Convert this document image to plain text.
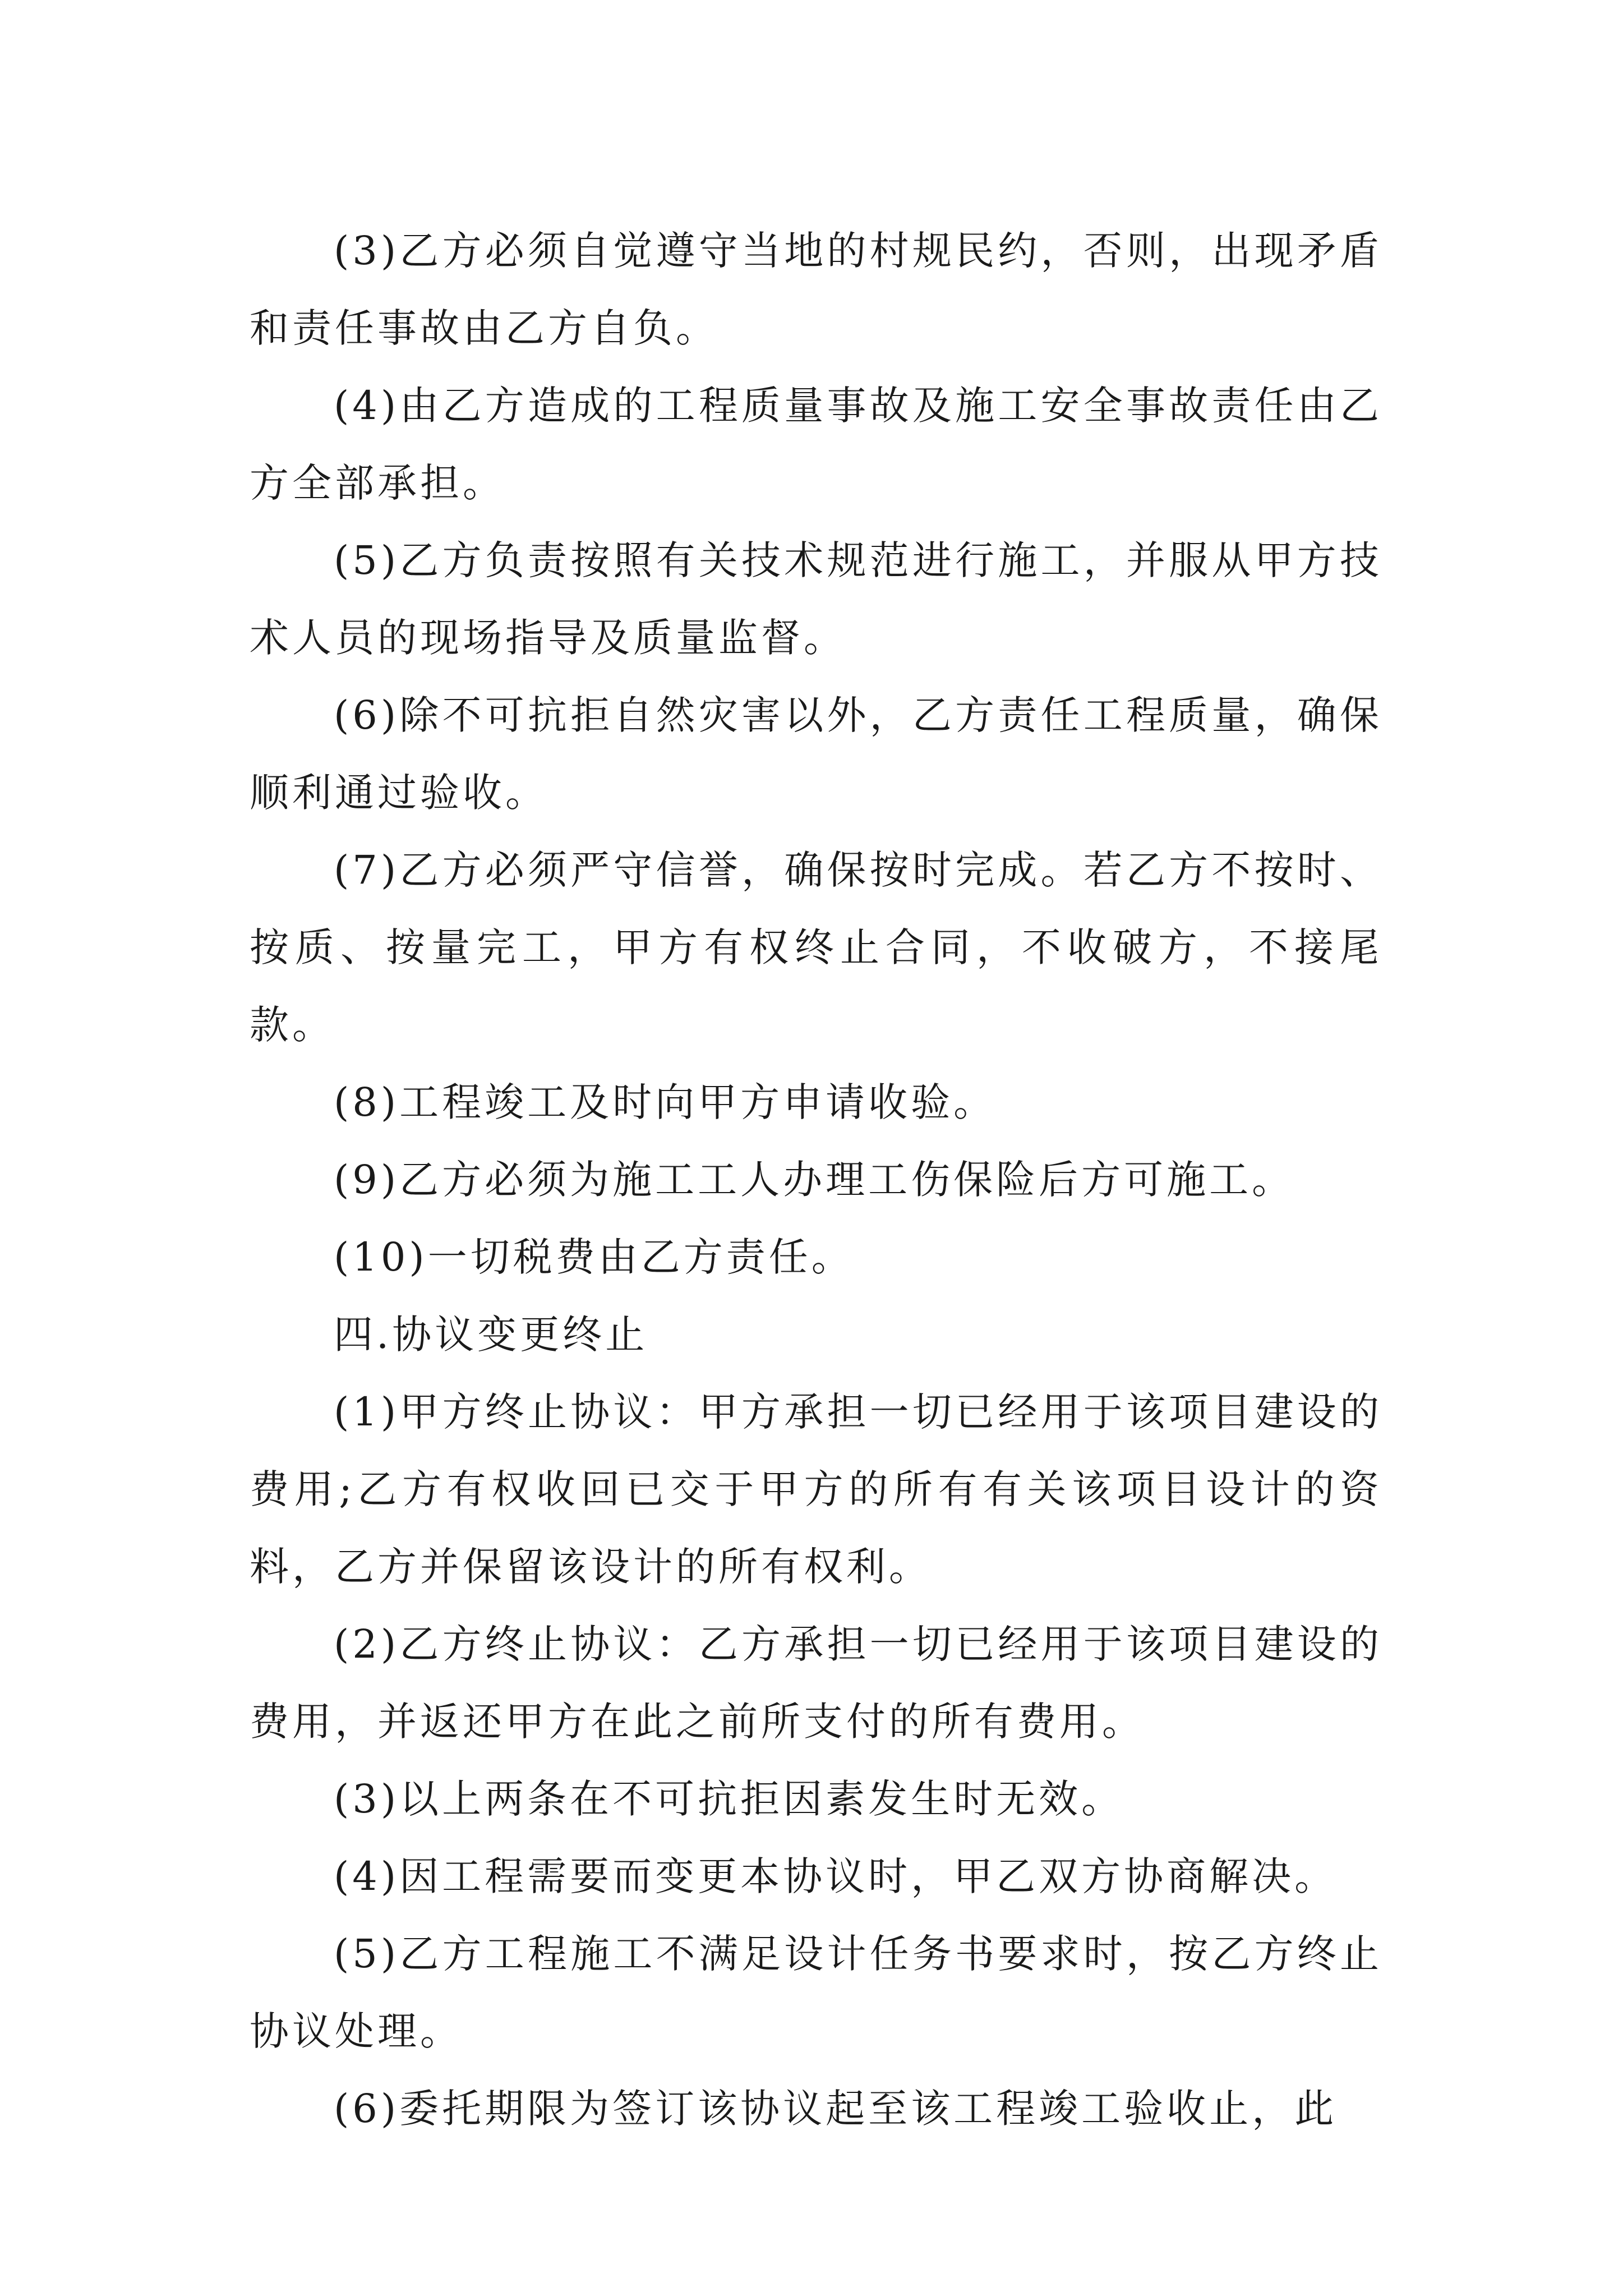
(3)乙方必须自觉遵守当地的村规民约，否则，出现矛盾和责任事故由乙方自负。

(4)由乙方造成的工程质量事故及施工安全事故责任由乙方全部承担。

(5)乙方负责按照有关技术规范进行施工，并服从甲方技术人员的现场指导及质量监督。

(6)除不可抗拒自然灾害以外，乙方责任工程质量，确保顺利通过验收。

(7)乙方必须严守信誉，确保按时完成。若乙方不按时、按质、按量完工，甲方有权终止合同，不收破方，不接尾款。

(8)工程竣工及时向甲方申请收验。

(9)乙方必须为施工工人办理工伤保险后方可施工。

(10)一切税费由乙方责任。

四.协议变更终止

(1)甲方终止协议：甲方承担一切已经用于该项目建设的费用;乙方有权收回已交于甲方的所有有关该项目设计的资料，乙方并保留该设计的所有权利。

(2)乙方终止协议：乙方承担一切已经用于该项目建设的费用，并返还甲方在此之前所支付的所有费用。

(3)以上两条在不可抗拒因素发生时无效。

(4)因工程需要而变更本协议时，甲乙双方协商解决。

(5)乙方工程施工不满足设计任务书要求时，按乙方终止协议处理。

(6)委托期限为签订该协议起至该工程竣工验收止，此
